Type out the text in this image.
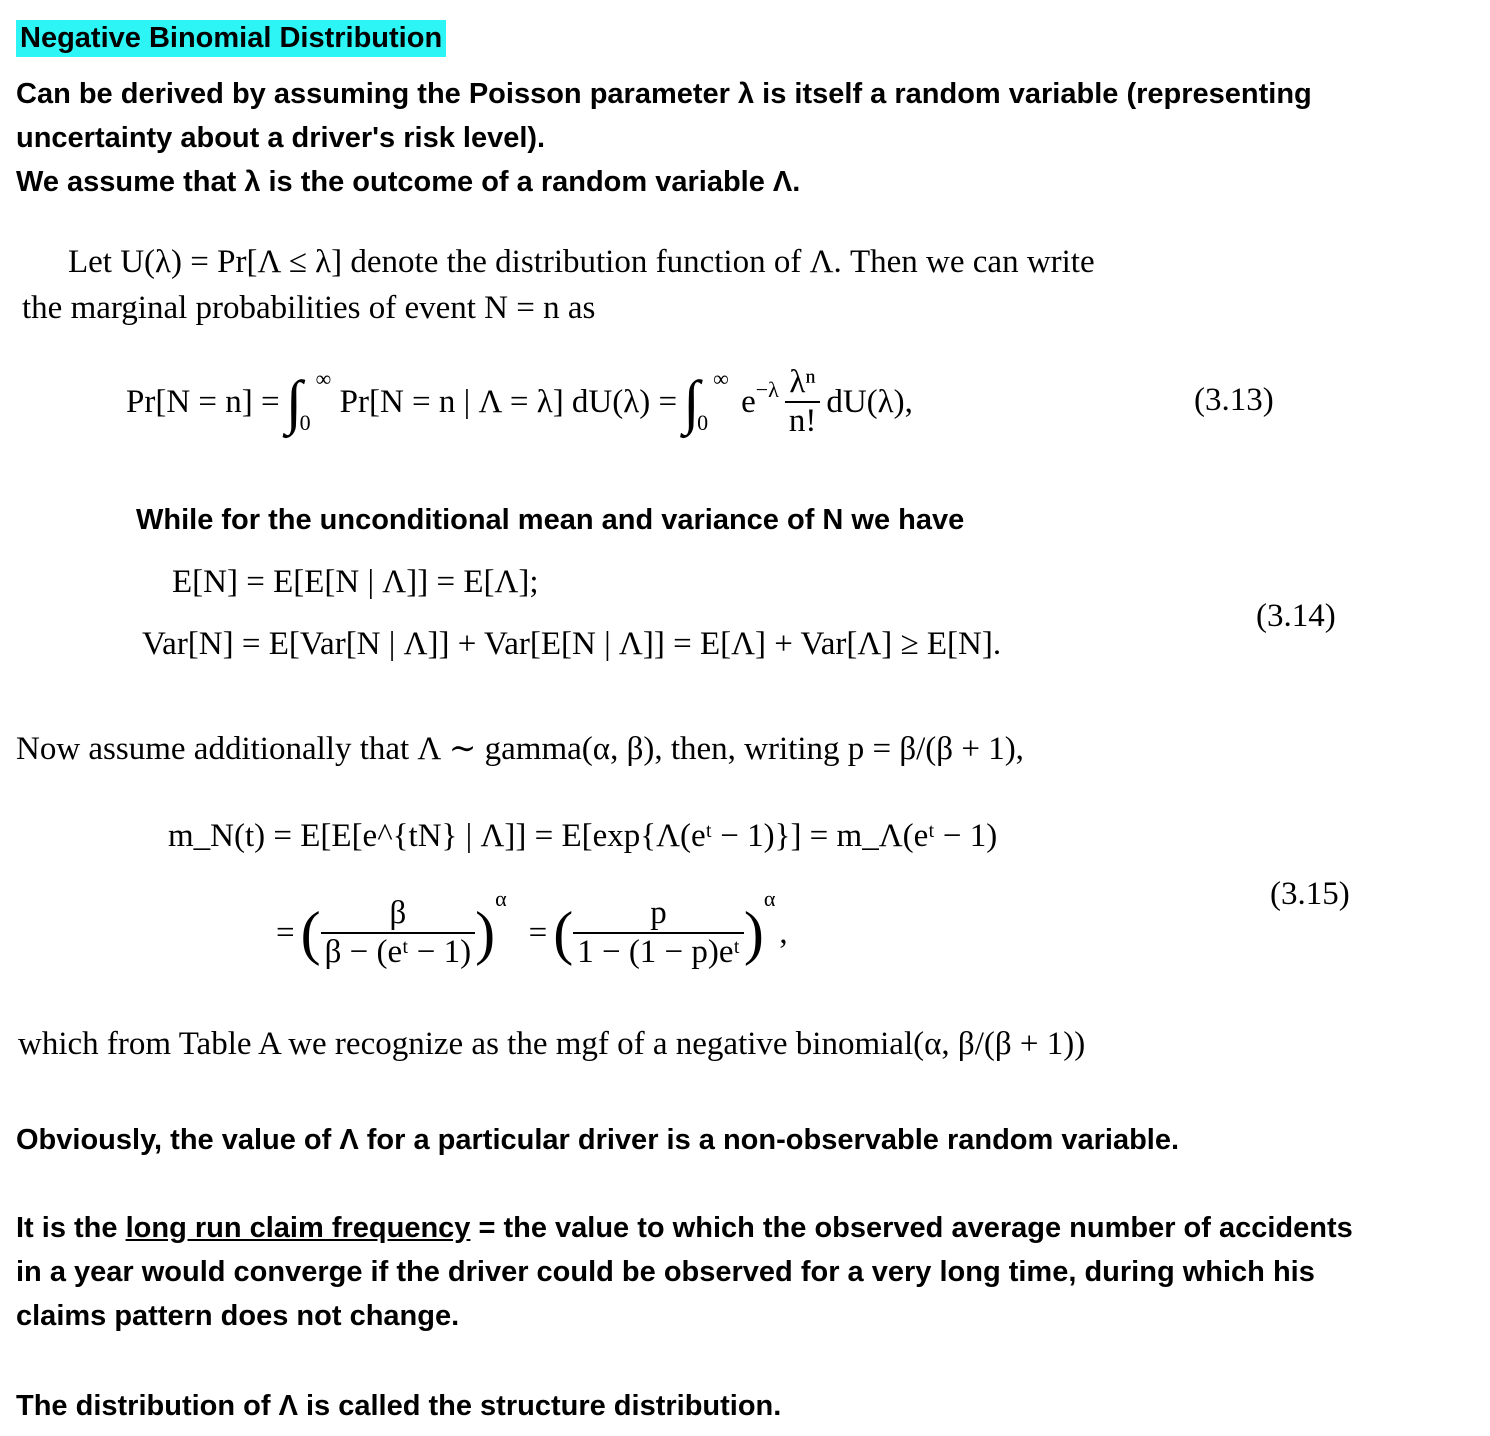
Negative Binomial Distribution
Can be derived by assuming the Poisson parameter λ is itself a random variable (representing
uncertainty about a driver's risk level).
We assume that λ is the outcome of a random variable Λ.
Let U(λ) = Pr[Λ ≤ λ] denote the distribution function of Λ. Then we can write
the marginal probabilities of event N = n as
Pr[N = n] = ∫ ∞
0
Pr[N = n | Λ = λ] dU(λ) = ∫ ∞
0
$e^{-\lambda} \frac{\text{λⁿ}}{n!} dU(\lambda)$,	(3.13)
While for the unconditional mean and variance of N we have
E[N] = E[E[N | Λ]] = E[Λ];
Var[N] = E[Var[N | Λ]] + Var[E[N | Λ]] = E[Λ] + Var[Λ] ≥ E[N].
(3.14)
Now assume additionally that Λ ∼ gamma(α, β), then, writing p = β/(β + 1),
m_N(t) = E[E[e^{tN} | Λ]] = E[exp{Λ(eᵗ − 1)}] = m_Λ(eᵗ − 1)
= ( $\frac{\beta}{\text{β − (eᵗ − 1)}}$ )
$^\alpha$
= ( $\frac{p}{\text{1 − (1 − p)eᵗ}}$ )
$^\alpha$
,
(3.15)
which from Table A we recognize as the mgf of a negative binomial(α, β/(β + 1))
Obviously, the value of Λ for a particular driver is a non-observable random variable.
It is the long run claim frequency = the value to which the observed average number of accidents
in a year would converge if the driver could be observed for a very long time, during which his
claims pattern does not change.
The distribution of Λ is called the structure distribution.
